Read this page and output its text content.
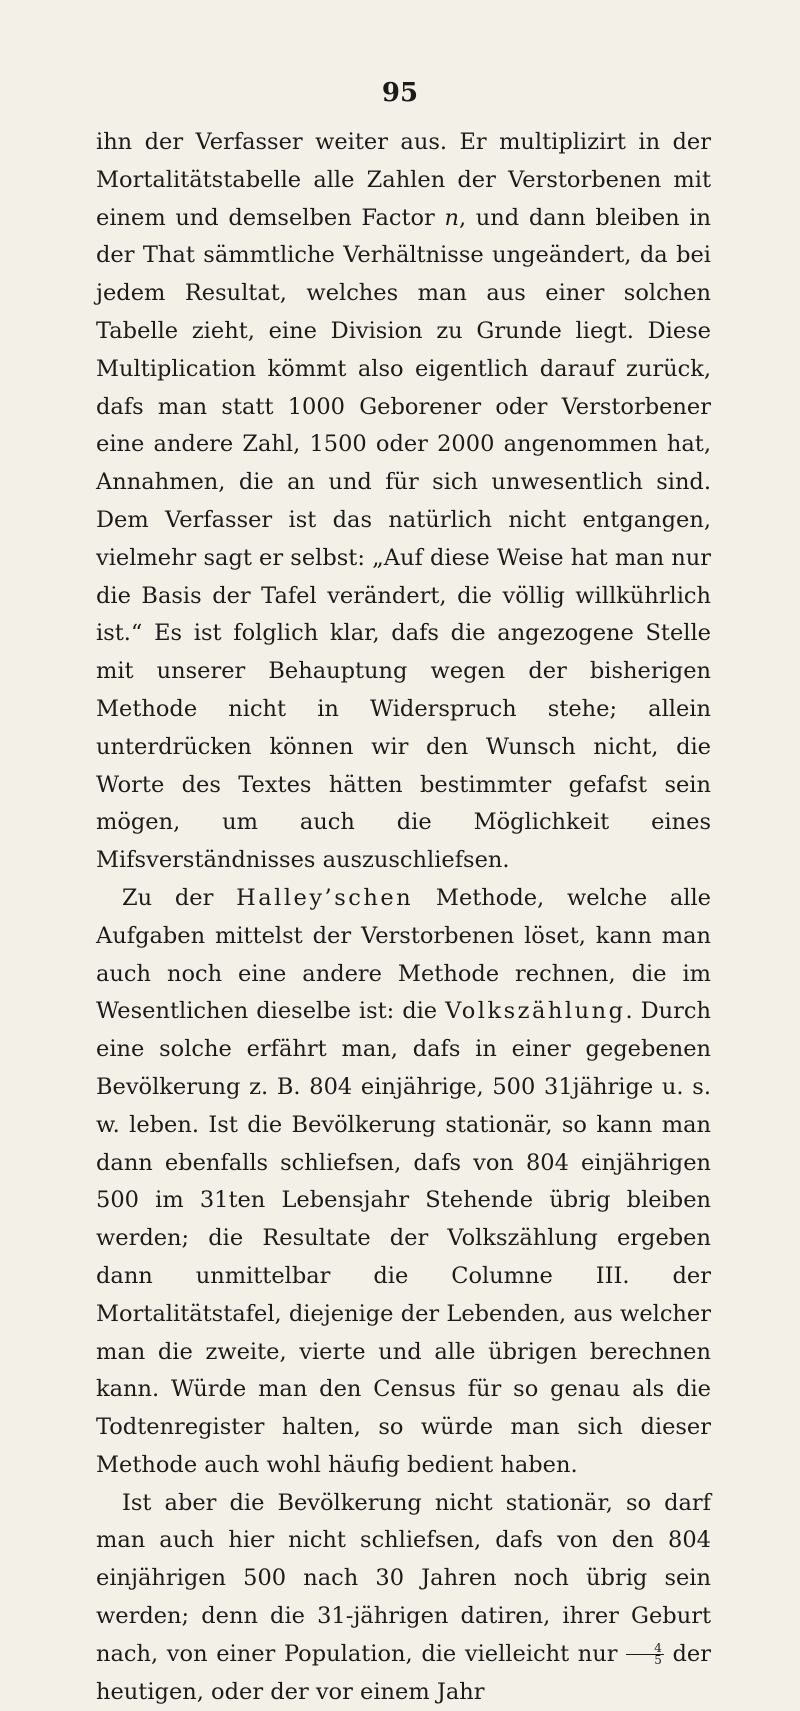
95

ihn der Verfasser weiter aus. Er multiplizirt in der Mortalitätstabelle alle Zahlen der Verstorbenen mit einem und demselben Factor n, und dann bleiben in der That sämmtliche Verhältnisse ungeändert, da bei jedem Resultat, welches man aus einer solchen Tabelle zieht, eine Division zu Grunde liegt. Diese Multiplication kömmt also eigentlich darauf zurück, dafs man statt 1000 Geborener oder Verstorbener eine andere Zahl, 1500 oder 2000 angenommen hat, Annahmen, die an und für sich unwesentlich sind. Dem Verfasser ist das natürlich nicht entgangen, vielmehr sagt er selbst: „Auf diese Weise hat man nur die Basis der Tafel verändert, die völlig willkührlich ist.“ Es ist folglich klar, dafs die angezogene Stelle mit unserer Behauptung wegen der bisherigen Methode nicht in Widerspruch stehe; allein unterdrücken können wir den Wunsch nicht, die Worte des Textes hätten bestimmter gefafst sein mögen, um auch die Möglichkeit eines Mifsverständnisses auszuschliefsen.

Zu der Halley’schen Methode, welche alle Aufgaben mittelst der Verstorbenen löset, kann man auch noch eine andere Methode rechnen, die im Wesentlichen dieselbe ist: die Volkszählung. Durch eine solche erfährt man, dafs in einer gegebenen Bevölkerung z. B. 804 einjährige, 500 31jährige u. s. w. leben. Ist die Bevölkerung stationär, so kann man dann ebenfalls schliefsen, dafs von 804 einjährigen 500 im 31ten Lebensjahr Stehende übrig bleiben werden; die Resultate der Volkszählung ergeben dann unmittelbar die Columne III. der Mortalitätstafel, diejenige der Lebenden, aus welcher man die zweite, vierte und alle übrigen berechnen kann. Würde man den Census für so genau als die Todtenregister halten, so würde man sich dieser Methode auch wohl häufig bedient haben.

Ist aber die Bevölkerung nicht stationär, so darf man auch hier nicht schliefsen, dafs von den 804 einjährigen 500 nach 30 Jahren noch übrig sein werden; denn die 31-jährigen datiren, ihrer Geburt nach, von einer Population, die vielleicht nur $\frac{4}{5}$ der heutigen, oder der vor einem Jahr
